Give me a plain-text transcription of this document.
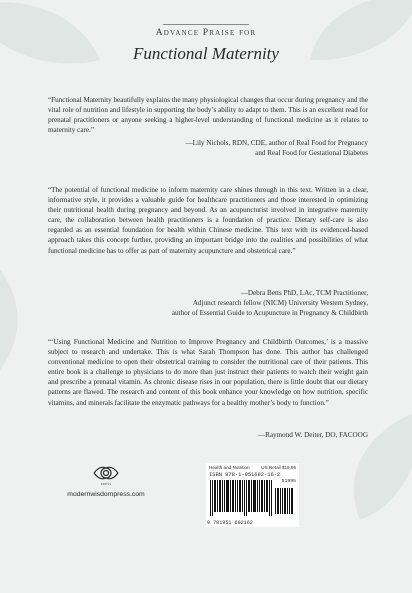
Advance Praise for
Functional Maternity

“Functional Maternity beautifully explains the many physiological changes that occur during pregnancy and the vital role of nutrition and lifestyle in supporting the body’s ability to adapt to them. This is an excellent read for prenatal practitioners or anyone seeking a higher-level understanding of functional medicine as it relates to maternity care.”

—Lily Nichols, RDN, CDE, author of Real Food for Pregnancy
and Real Food for Gestational Diabetes

“The potential of functional medicine to inform maternity care shines through in this text. Written in a clear, informative style, it provides a valuable guide for healthcare practitioners and those interested in optimizing their nutritional health during pregnancy and beyond. As an acupuncturist involved in integrative maternity care, the collaboration between health practitioners is a foundation of practice. Dietary self-care is also regarded as an essential foundation for health within Chinese medicine. This text with its evidenced-based approach takes this concept further, providing an important bridge into the realities and possibilities of what functional medicine has to offer as part of maternity acupuncture and obstetrical care.”

—Debra Betts PhD, LAc, TCM Practitioner,
Adjunct research fellow (NICM) University Western Sydney,
author of Essential Guide to Acupuncture in Pregnancy & Childbirth

“‘Using Functional Medicine and Nutrition to Improve Pregnancy and Childbirth Outcomes,’ is a massive subject to research and undertake. This is what Sarah Thompson has done. This author has challenged conventional medicine to open their obstetrical training to consider the nutritional care of their patients. This entire book is a challenge to physicians to do more than just instruct their patients to watch their weight gain and prescribe a prenatal vitamin. As chronic disease rises in our population, there is little doubt that our dietary patterns are flawed. The research and content of this book enhance your knowledge on how nutrition, specific vitamins, and minerals facilitate the enzymatic pathways for a healthy mother’s body to function.”

—Raymond W. Deiter, DO, FACOOG
PRESS
modernwisdompress.com
Health and Nutrition	US Retail $19.95
ISBN 978-1-951692-16-2
51995
9 781951 692162
